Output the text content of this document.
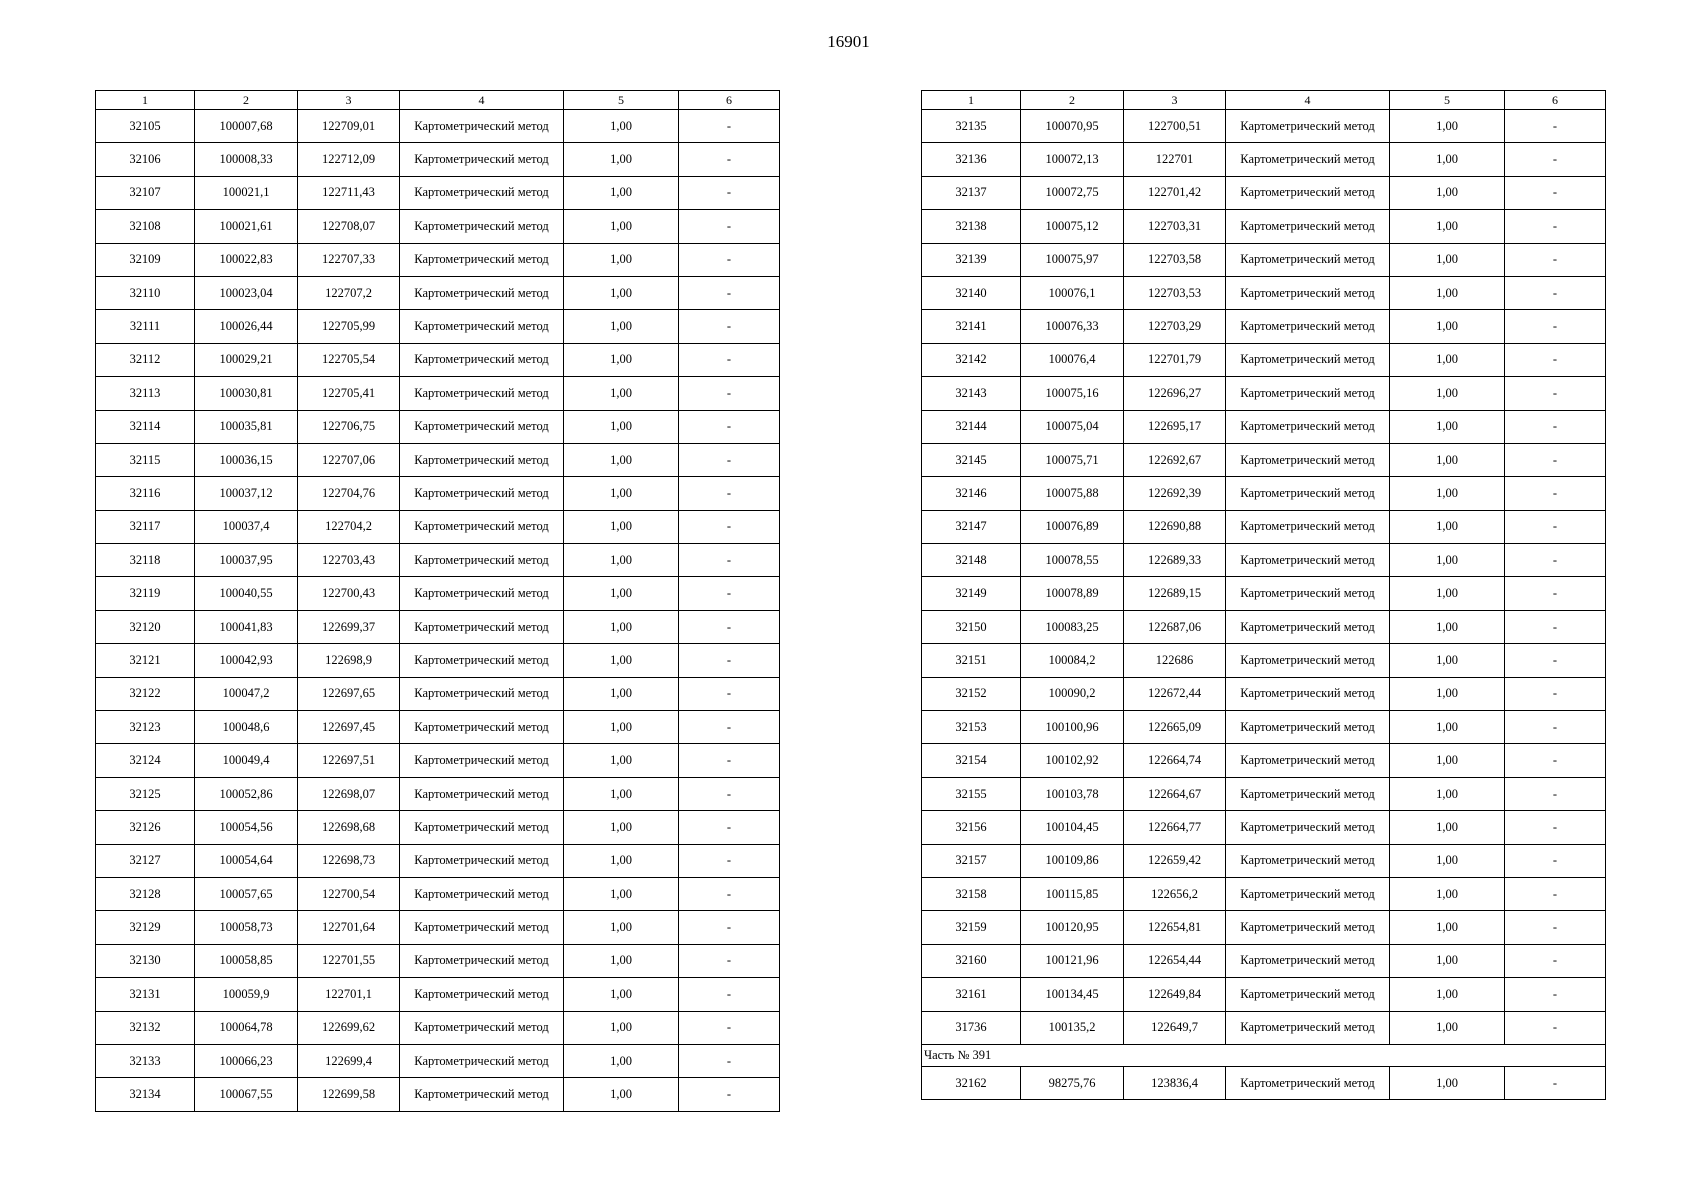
16901
1	2	3	4	5	6
32105	100007,68	122709,01	Картометрический метод	1,00	-
32106	100008,33	122712,09	Картометрический метод	1,00	-
32107	100021,1	122711,43	Картометрический метод	1,00	-
32108	100021,61	122708,07	Картометрический метод	1,00	-
32109	100022,83	122707,33	Картометрический метод	1,00	-
32110	100023,04	122707,2	Картометрический метод	1,00	-
32111	100026,44	122705,99	Картометрический метод	1,00	-
32112	100029,21	122705,54	Картометрический метод	1,00	-
32113	100030,81	122705,41	Картометрический метод	1,00	-
32114	100035,81	122706,75	Картометрический метод	1,00	-
32115	100036,15	122707,06	Картометрический метод	1,00	-
32116	100037,12	122704,76	Картометрический метод	1,00	-
32117	100037,4	122704,2	Картометрический метод	1,00	-
32118	100037,95	122703,43	Картометрический метод	1,00	-
32119	100040,55	122700,43	Картометрический метод	1,00	-
32120	100041,83	122699,37	Картометрический метод	1,00	-
32121	100042,93	122698,9	Картометрический метод	1,00	-
32122	100047,2	122697,65	Картометрический метод	1,00	-
32123	100048,6	122697,45	Картометрический метод	1,00	-
32124	100049,4	122697,51	Картометрический метод	1,00	-
32125	100052,86	122698,07	Картометрический метод	1,00	-
32126	100054,56	122698,68	Картометрический метод	1,00	-
32127	100054,64	122698,73	Картометрический метод	1,00	-
32128	100057,65	122700,54	Картометрический метод	1,00	-
32129	100058,73	122701,64	Картометрический метод	1,00	-
32130	100058,85	122701,55	Картометрический метод	1,00	-
32131	100059,9	122701,1	Картометрический метод	1,00	-
32132	100064,78	122699,62	Картометрический метод	1,00	-
32133	100066,23	122699,4	Картометрический метод	1,00	-
32134	100067,55	122699,58	Картометрический метод	1,00	-
1	2	3	4	5	6
32135	100070,95	122700,51	Картометрический метод	1,00	-
32136	100072,13	122701	Картометрический метод	1,00	-
32137	100072,75	122701,42	Картометрический метод	1,00	-
32138	100075,12	122703,31	Картометрический метод	1,00	-
32139	100075,97	122703,58	Картометрический метод	1,00	-
32140	100076,1	122703,53	Картометрический метод	1,00	-
32141	100076,33	122703,29	Картометрический метод	1,00	-
32142	100076,4	122701,79	Картометрический метод	1,00	-
32143	100075,16	122696,27	Картометрический метод	1,00	-
32144	100075,04	122695,17	Картометрический метод	1,00	-
32145	100075,71	122692,67	Картометрический метод	1,00	-
32146	100075,88	122692,39	Картометрический метод	1,00	-
32147	100076,89	122690,88	Картометрический метод	1,00	-
32148	100078,55	122689,33	Картометрический метод	1,00	-
32149	100078,89	122689,15	Картометрический метод	1,00	-
32150	100083,25	122687,06	Картометрический метод	1,00	-
32151	100084,2	122686	Картометрический метод	1,00	-
32152	100090,2	122672,44	Картометрический метод	1,00	-
32153	100100,96	122665,09	Картометрический метод	1,00	-
32154	100102,92	122664,74	Картометрический метод	1,00	-
32155	100103,78	122664,67	Картометрический метод	1,00	-
32156	100104,45	122664,77	Картометрический метод	1,00	-
32157	100109,86	122659,42	Картометрический метод	1,00	-
32158	100115,85	122656,2	Картометрический метод	1,00	-
32159	100120,95	122654,81	Картометрический метод	1,00	-
32160	100121,96	122654,44	Картометрический метод	1,00	-
32161	100134,45	122649,84	Картометрический метод	1,00	-
31736	100135,2	122649,7	Картометрический метод	1,00	-
Часть № 391					
32162	98275,76	123836,4	Картометрический метод	1,00	-
